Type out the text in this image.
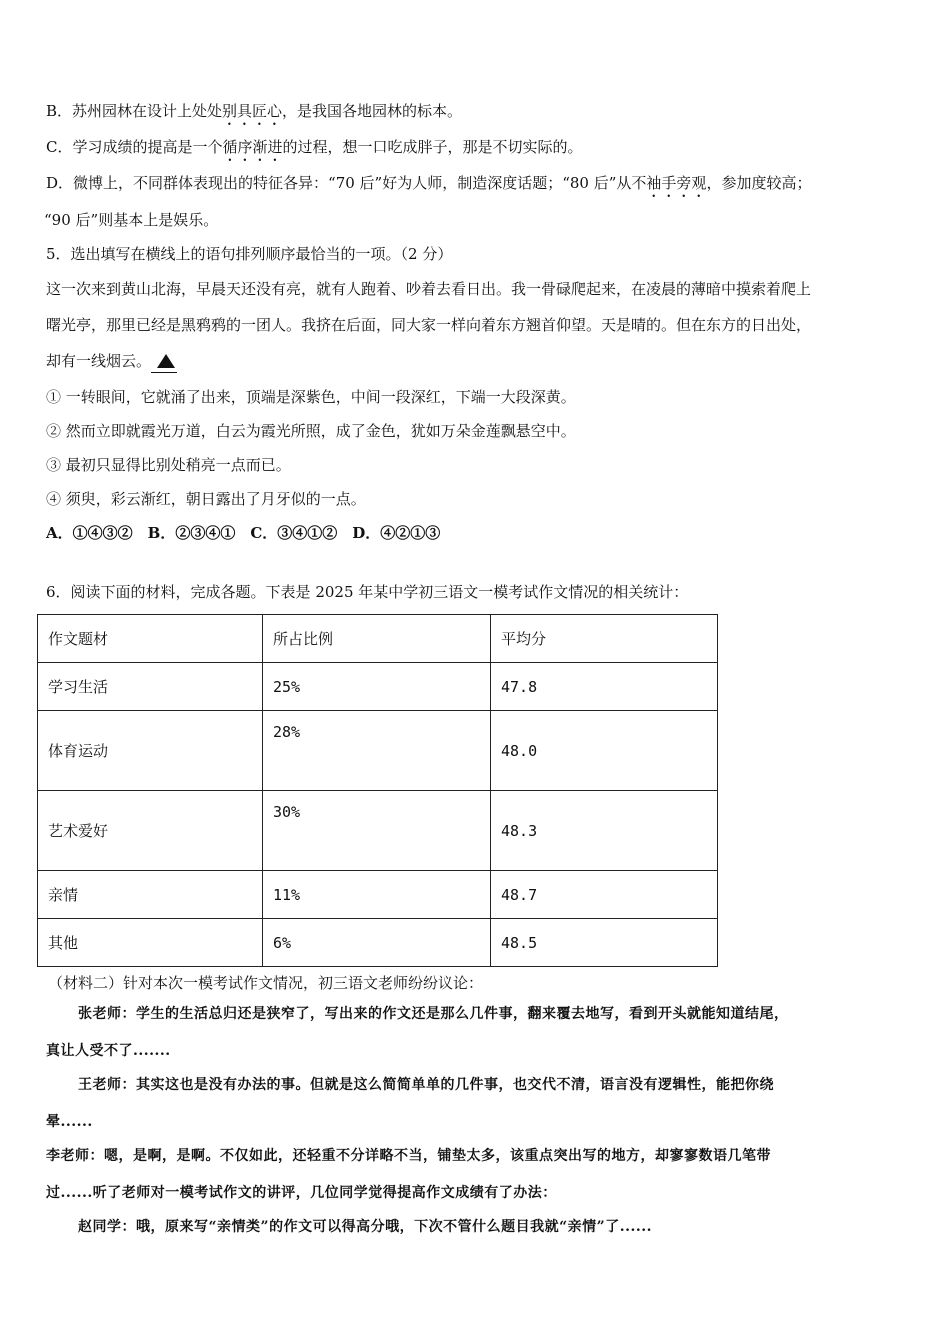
B．苏州园林在设计上处处别具匠心，是我国各地园林的标本。
C．学习成绩的提高是一个循序渐进的过程，想一口吃成胖子，那是不切实际的。
D．微博上，不同群体表现出的特征各异：“70 后”好为人师，制造深度话题；“80 后”从不袖手旁观，参加度较高；
“90 后”则基本上是娱乐。
5．选出填写在横线上的语句排列顺序最恰当的一项。（2 分）
这一次来到黄山北海，早晨天还没有亮，就有人跑着、吵着去看日出。我一骨碌爬起来，在凌晨的薄暗中摸索着爬上
曙光亭，那里已经是黑鸦鸦的一团人。我挤在后面，同大家一样向着东方翘首仰望。天是晴的。但在东方的日出处，
却有一线烟云。
① 一转眼间，它就涌了出来，顶端是深紫色，中间一段深红，下端一大段深黄。
② 然而立即就霞光万道，白云为霞光所照，成了金色，犹如万朵金莲飘悬空中。
③ 最初只显得比别处稍亮一点而已。
④ 须臾，彩云渐红，朝日露出了月牙似的一点。
A．①④③②　B．②③④①　C．③④①②　D．④②①③
6．阅读下面的材料，完成各题。下表是 2025 年某中学初三语文一模考试作文情况的相关统计：
作文题材	所占比例	平均分
学习生活	25%	47.8
体育运动	28%	48.0
艺术爱好	30%	48.3
亲情	11%	48.7
其他	6%	48.5
（材料二）针对本次一模考试作文情况，初三语文老师纷纷议论：
张老师：学生的生活总归还是狭窄了，写出来的作文还是那么几件事，翻来覆去地写，看到开头就能知道结尾，
真让人受不了.......
王老师：其实这也是没有办法的事。但就是这么简简单单的几件事，也交代不清，语言没有逻辑性，能把你绕
晕......
李老师：嗯，是啊，是啊。不仅如此，还轻重不分详略不当，铺垫太多，该重点突出写的地方，却寥寥数语几笔带
过......听了老师对一模考试作文的讲评，几位同学觉得提高作文成绩有了办法：
赵同学：哦，原来写“亲情类”的作文可以得高分哦，下次不管什么题目我就“亲情”了......
